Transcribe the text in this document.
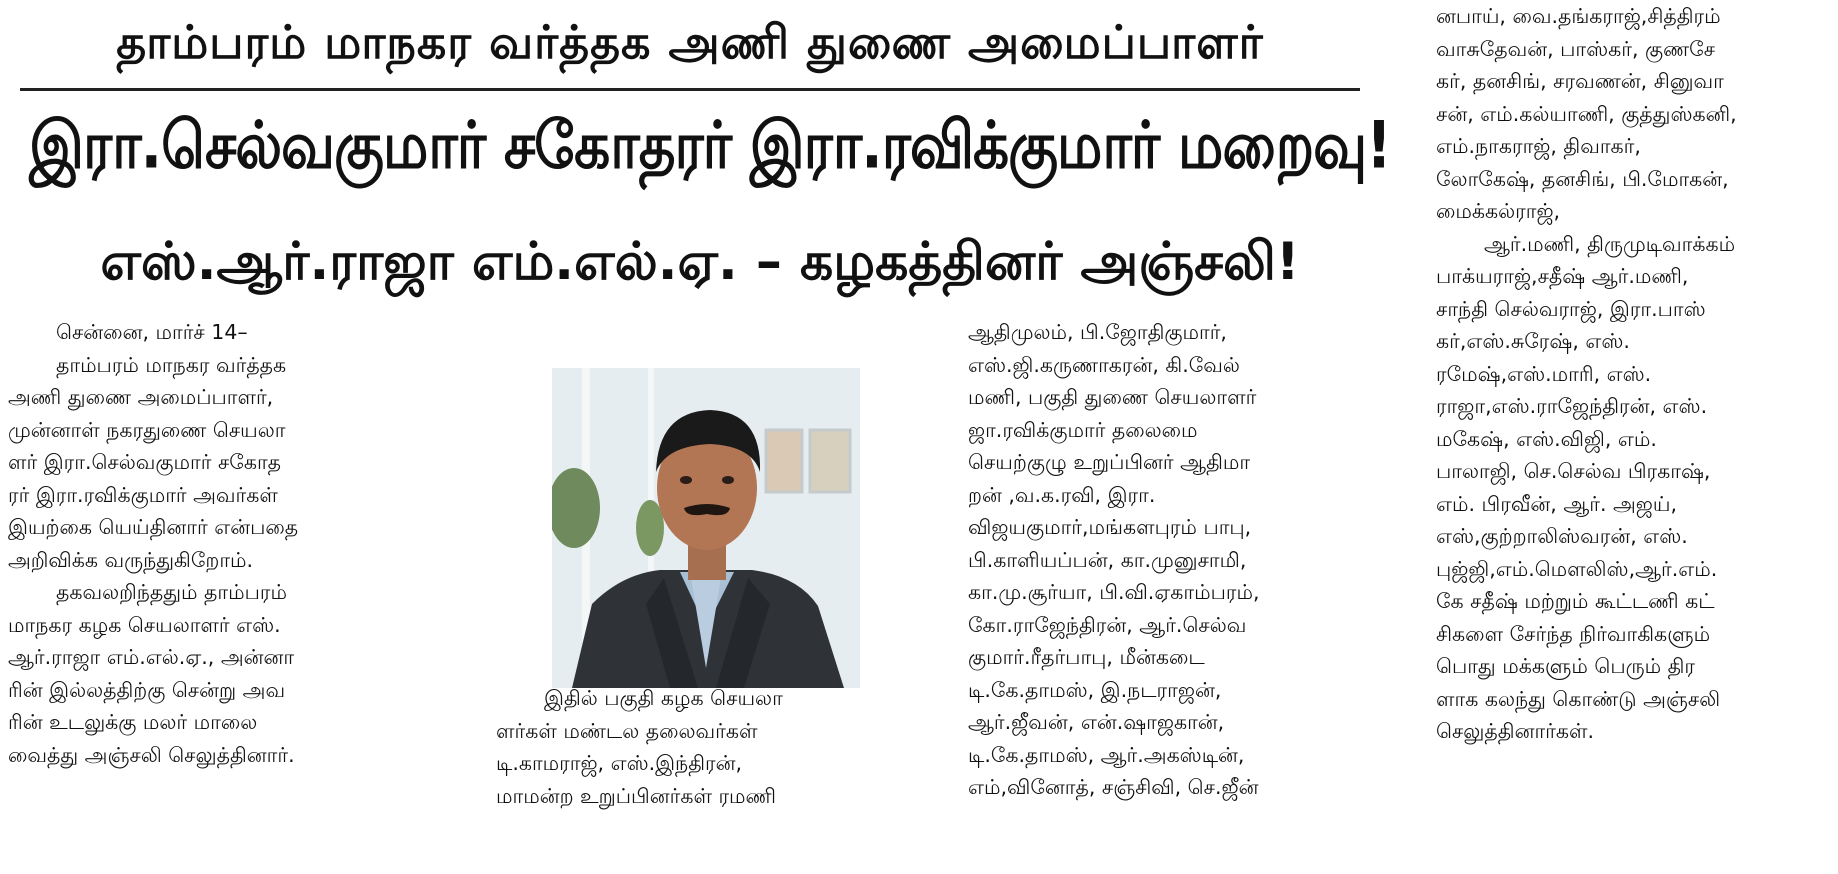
தாம்பரம் மாநகர வர்த்தக அணி துணை அமைப்பாளர்
இரா.செல்வகுமார் சகோதரர் இரா.ரவிக்குமார் மறைவு!
எஸ்.ஆர்.ராஜா எம்.எல்.ஏ. – கழகத்தினர் அஞ்சலி!
சென்னை, மார்ச் 14–
தாம்பரம் மாநகர வர்த்தக
அணி துணை அமைப்பாளர்,
முன்னாள் நகரதுணை செயலா
ளர் இரா.செல்வகுமார் சகோத
ரர் இரா.ரவிக்குமார் அவர்கள்
இயற்கை யெய்தினார் என்பதை
அறிவிக்க வருந்துகிறோம்.
தகவலறிந்ததும் தாம்பரம்
மாநகர கழக செயலாளர் எஸ்.
ஆர்.ராஜா எம்.எல்.ஏ., அன்னா
ரின் இல்லத்திற்கு சென்று அவ
ரின் உடலுக்கு மலர் மாலை
வைத்து அஞ்சலி செலுத்தினார்.
இதில் பகுதி கழக செயலா
ளர்கள் மண்டல தலைவர்கள்
டி.காமராஜ், எஸ்.இந்திரன்,
மாமன்ற உறுப்பினர்கள் ரமணி
ஆதிமுலம், பி.ஜோதிகுமார்,
எஸ்.ஜி.கருணாகரன், கி.வேல்
மணி, பகுதி துணை செயலாளர்
ஜா.ரவிக்குமார் தலைமை
செயற்குழு உறுப்பினர் ஆதிமா
றன் ,வ.க.ரவி, இரா.
விஜயகுமார்,மங்களபுரம் பாபு,
பி.காளியப்பன், கா.முனுசாமி,
கா.மு.சூர்யா, பி.வி.ஏகாம்பரம்,
கோ.ராஜேந்திரன், ஆர்.செல்வ
குமார்.ரீதர்பாபு, மீன்கடை
டி.கே.தாமஸ், இ.நடராஜன்,
ஆர்.ஜீவன், என்.ஷாஜகான்,
டி.கே.தாமஸ், ஆர்.அகஸ்டின்,
எம்,வினோத், சஞ்சிவி, செ.ஜீன்
னபாய், வை.தங்கராஜ்,சித்திரம்
வாசுதேவன், பாஸ்கர், குணசே
கர், தனசிங், சரவணன், சினுவா
சன், எம்.கல்யாணி, குத்துஸ்கனி,
எம்.நாகராஜ், திவாகர்,
லோகேஷ், தனசிங், பி.மோகன்,
மைக்கல்ராஜ்,
ஆர்.மணி, திருமுடிவாக்கம்
பாக்யராஜ்,சதீஷ் ஆர்.மணி,
சாந்தி செல்வராஜ், இரா.பாஸ்
கர்,எஸ்.சுரேஷ், எஸ்.
ரமேஷ்,எஸ்.மாரி, எஸ்.
ராஜா,எஸ்.ராஜேந்திரன், எஸ்.
மகேஷ், எஸ்.விஜி, எம்.
பாலாஜி, செ.செல்வ பிரகாஷ்,
எம். பிரவீன், ஆர். அஜய்,
எஸ்,குற்றாலிஸ்வரன், எஸ்.
புஜ்ஜி,எம்.மௌலிஸ்,ஆர்.எம்.
கே சதீஷ் மற்றும் கூட்டணி கட்
சிகளை சேர்ந்த நிர்வாகிகளும்
பொது மக்களும் பெரும் திர
ளாக கலந்து கொண்டு அஞ்சலி
செலுத்தினார்கள்.
